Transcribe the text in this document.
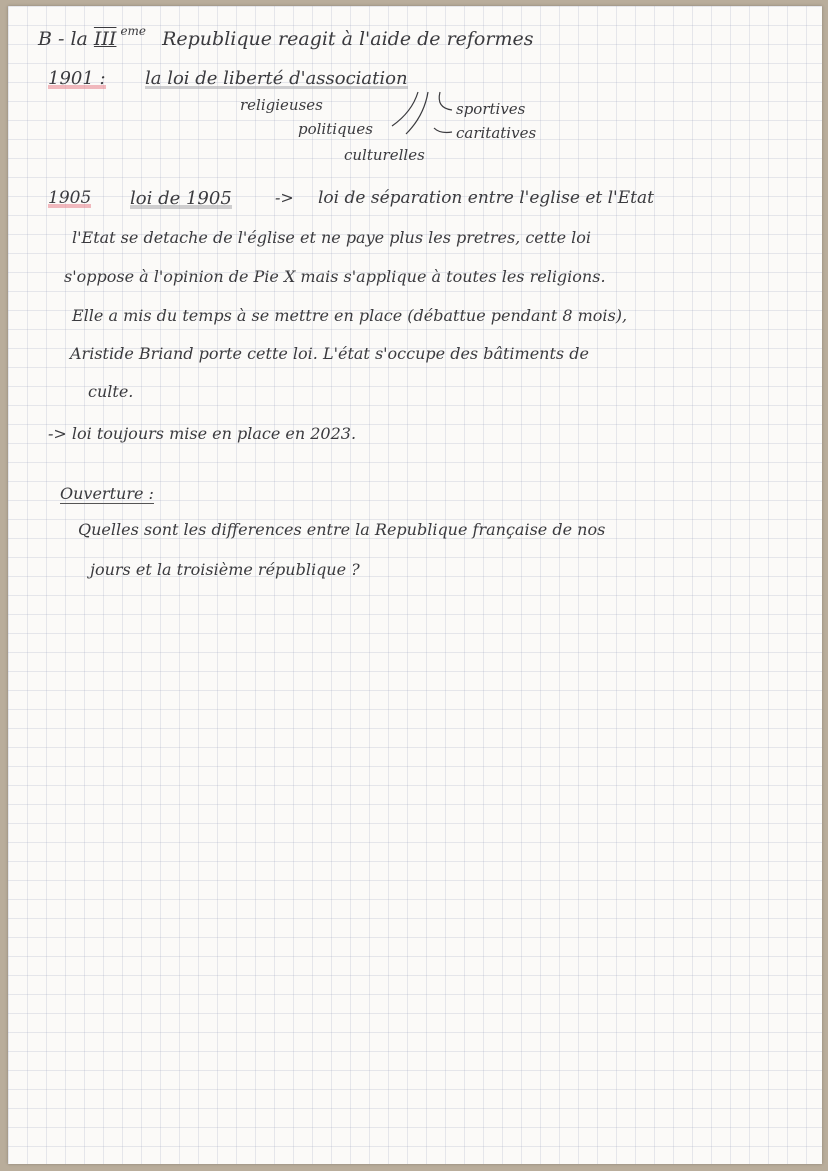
B - la III $^{eme}$ Republique reagit à l'aide de reformes
1901 : la loi de liberté d'association
religieuses
politiques
culturelles
sportives
caritatives
1905 loi de 1905	-> loi de séparation entre l'eglise et l'Etat
l'Etat se detache de l'église et ne paye plus les pretres, cette loi
s'oppose à l'opinion de Pie X mais s'applique à toutes les religions.
Elle a mis du temps à se mettre en place (débattue pendant 8 mois),
Aristide Briand porte cette loi. L'état s'occupe des bâtiments de
culte.
-> loi toujours mise en place en 2023.
Ouverture :
Quelles sont les differences entre la Republique française de nos
jours et la troisième république ?
